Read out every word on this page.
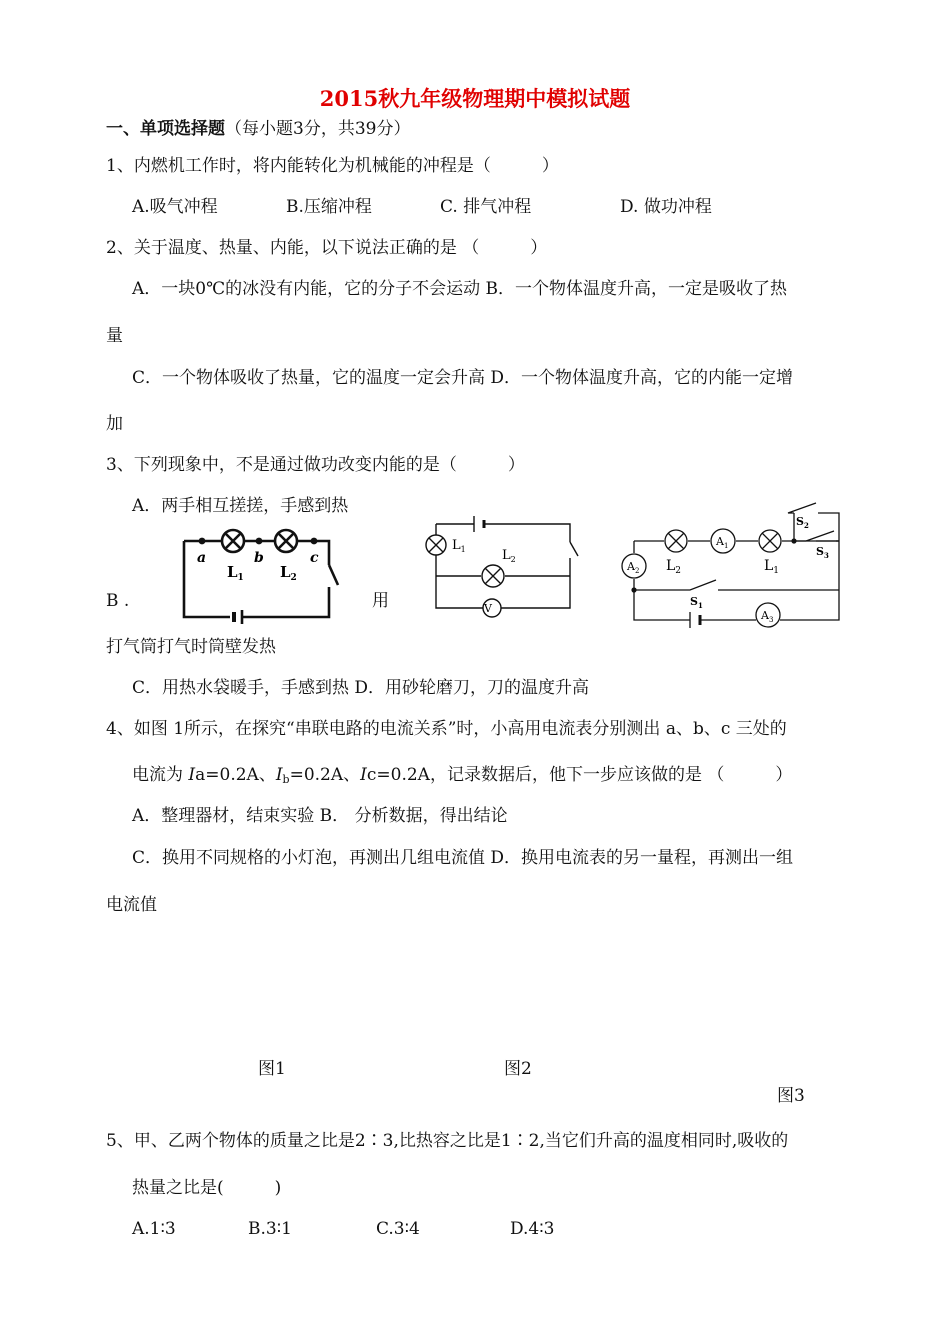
2015秋九年级物理期中模拟试题
一、单项选择题（每小题3分，共39分）
1、内燃机工作时，将内能转化为机械能的冲程是（　　　）
A.吸气冲程	B.压缩冲程	C. 排气冲程	D. 做功冲程
2、关于温度、热量、内能，以下说法正确的是 （　　　）
A．一块0℃的冰没有内能，它的分子不会运动 B．一个物体温度升高，一定是吸收了热
量
C．一个物体吸收了热量，它的温度一定会升高 D．一个物体温度升高，它的内能一定增
加
3、下列现象中，不是通过做功改变内能的是（　　　）
A．两手相互搓搓，手感到热
B .	用
打气筒打气时筒壁发热
C．用热水袋暖手，手感到热 D．用砂轮磨刀，刀的温度升高
a	b	c
$L_1$ $L_2$
V
$L_1$	$L_2$
$A_2$
$A_1$
$A_3$
$L_2$	$L_1$
$S_2$
$S_3$
$S_1$
4、如图 1所示，在探究“串联电路的电流关系”时，小高用电流表分别测出 a、b、c 三处的
电流为 Ia=0.2A、$I_b=0.2A$、Ic=0.2A，记录数据后，他下一步应该做的是 （　　　）
A．整理器材，结束实验 B． 分析数据，得出结论
C．换用不同规格的小灯泡，再测出几组电流值 D．换用电流表的另一量程，再测出一组
电流值
图1	图2
图3
5、甲、乙两个物体的质量之比是2∶3,比热容之比是1∶2,当它们升高的温度相同时,吸收的
热量之比是(　　　)
A.1∶3	B.3∶1	C.3∶4	D.4∶3
